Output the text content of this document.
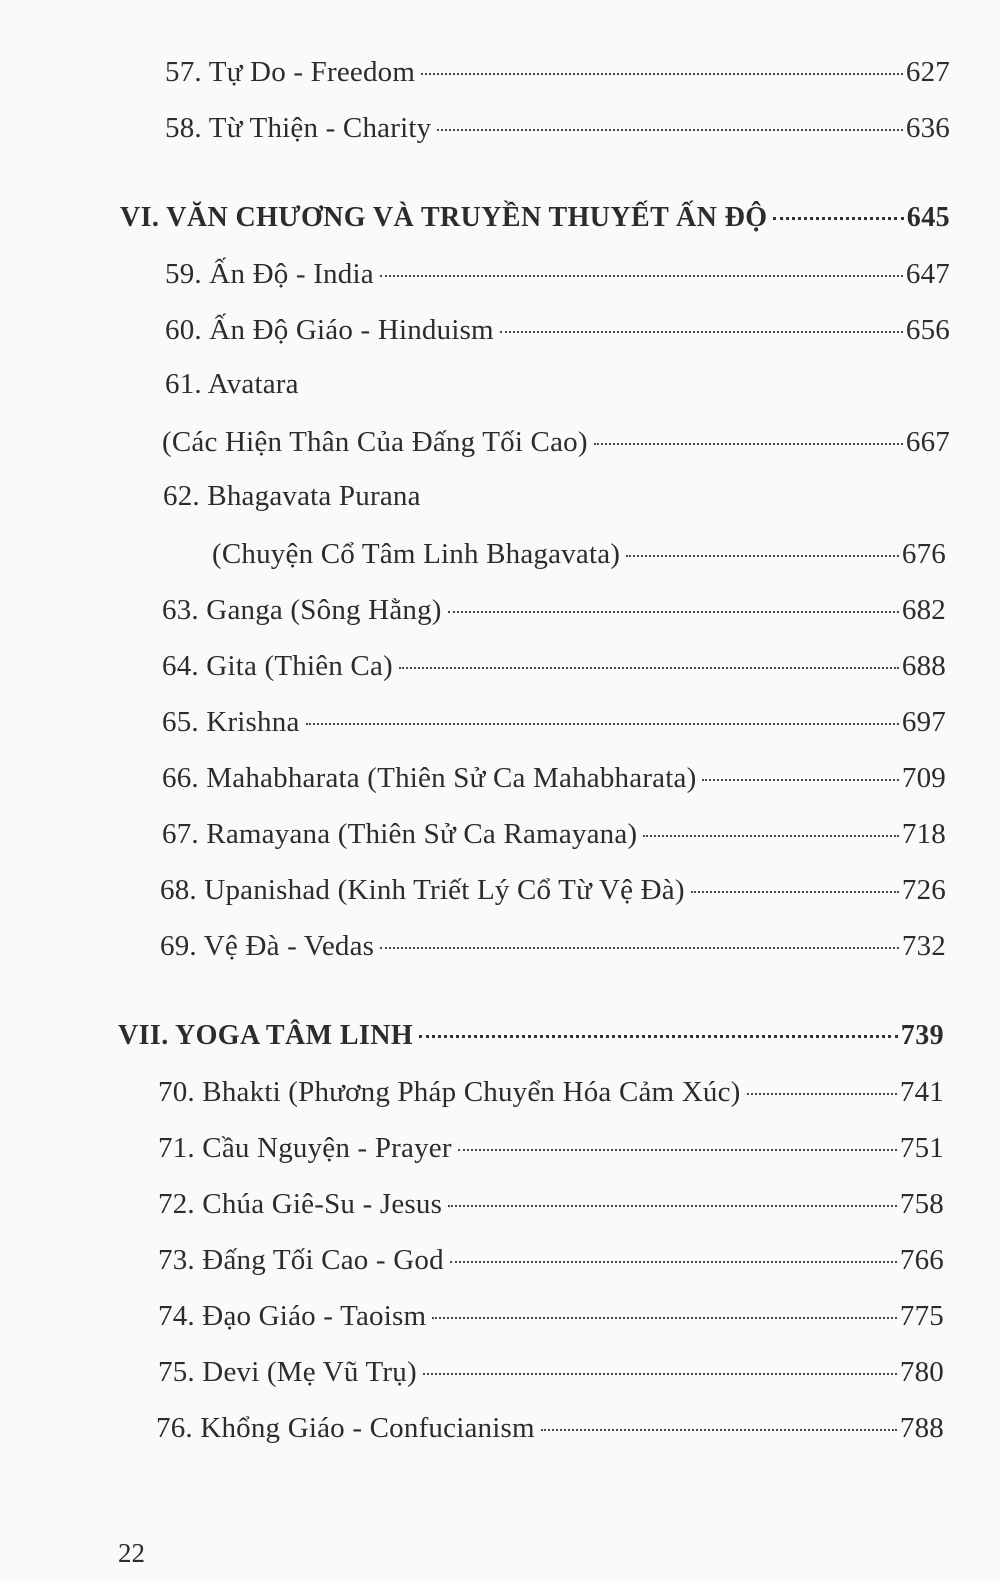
57. Tự Do - Freedom	627
58. Từ Thiện - Charity	636
VI. VĂN CHƯƠNG VÀ TRUYỀN THUYẾT ẤN ĐỘ	645
59. Ấn Độ - India	647
60. Ấn Độ Giáo - Hinduism	656
61. Avatara
(Các Hiện Thân Của Đấng Tối Cao)	667
62. Bhagavata Purana
(Chuyện Cổ Tâm Linh Bhagavata)	676
63. Ganga (Sông Hằng)	682
64. Gita (Thiên Ca)	688
65. Krishna	697
66. Mahabharata (Thiên Sử Ca Mahabharata)	709
67. Ramayana (Thiên Sử Ca Ramayana)	718
68. Upanishad (Kinh Triết Lý Cổ Từ Vệ Đà)	726
69. Vệ Đà - Vedas	732
VII. YOGA TÂM LINH	739
70. Bhakti (Phương Pháp Chuyển Hóa Cảm Xúc)	741
71. Cầu Nguyện - Prayer	751
72. Chúa Giê-Su - Jesus	758
73. Đấng Tối Cao - God	766
74. Đạo Giáo - Taoism	775
75. Devi (Mẹ Vũ Trụ)	780
76. Khổng Giáo - Confucianism	788
22
